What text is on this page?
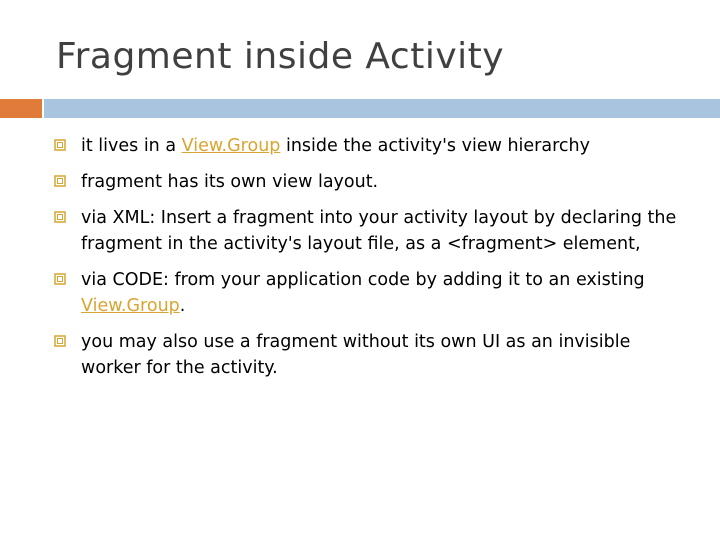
Fragment inside Activity
it lives in a View.Group inside the activity's view hierarchy
fragment has its own view layout.
via XML: Insert a fragment into your activity layout by declaring the fragment in the activity's layout file, as a <fragment> element,
via CODE: from your application code by adding it to an existing View.Group.
you may also use a fragment without its own UI as an invisible worker for the activity.
